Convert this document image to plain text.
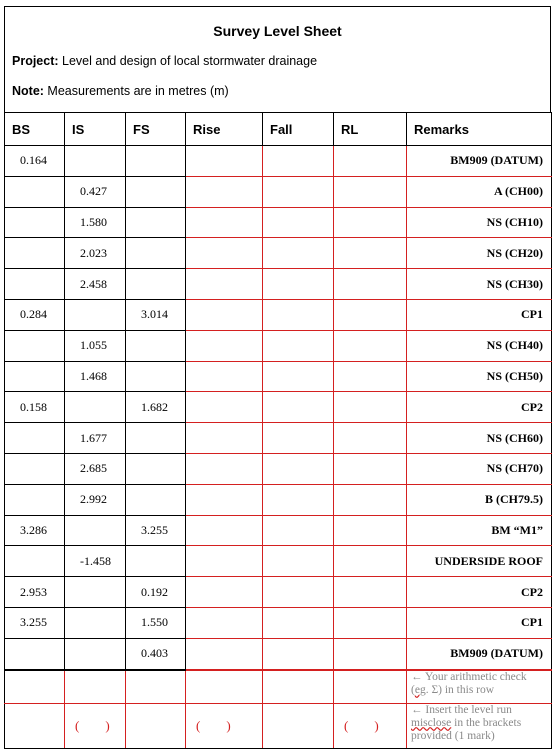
Survey Level Sheet
Project: Level and design of local stormwater drainage
Note: Measurements are in metres (m)
BS	IS	FS	Rise	Fall	RL	Remarks
0.164						BM909 (DATUM)
	0.427					A (CH00)
	1.580					NS (CH10)
	2.023					NS (CH20)
	2.458					NS (CH30)
0.284		3.014				CP1
	1.055					NS (CH40)
	1.468					NS (CH50)
0.158		1.682				CP2
	1.677					NS (CH60)
	2.685					NS (CH70)
	2.992					B (CH79.5)
3.286		3.255				BM “M1”
	-1.458					UNDERSIDE ROOF
2.953		0.192				CP2
3.255		1.550				CP1
		0.403				BM909 (DATUM)
						← Your arithmetic check (eg. Σ) in this row
	(        )		(        )		(        )	← Insert the level run misclose in the brackets provided (1 mark)
